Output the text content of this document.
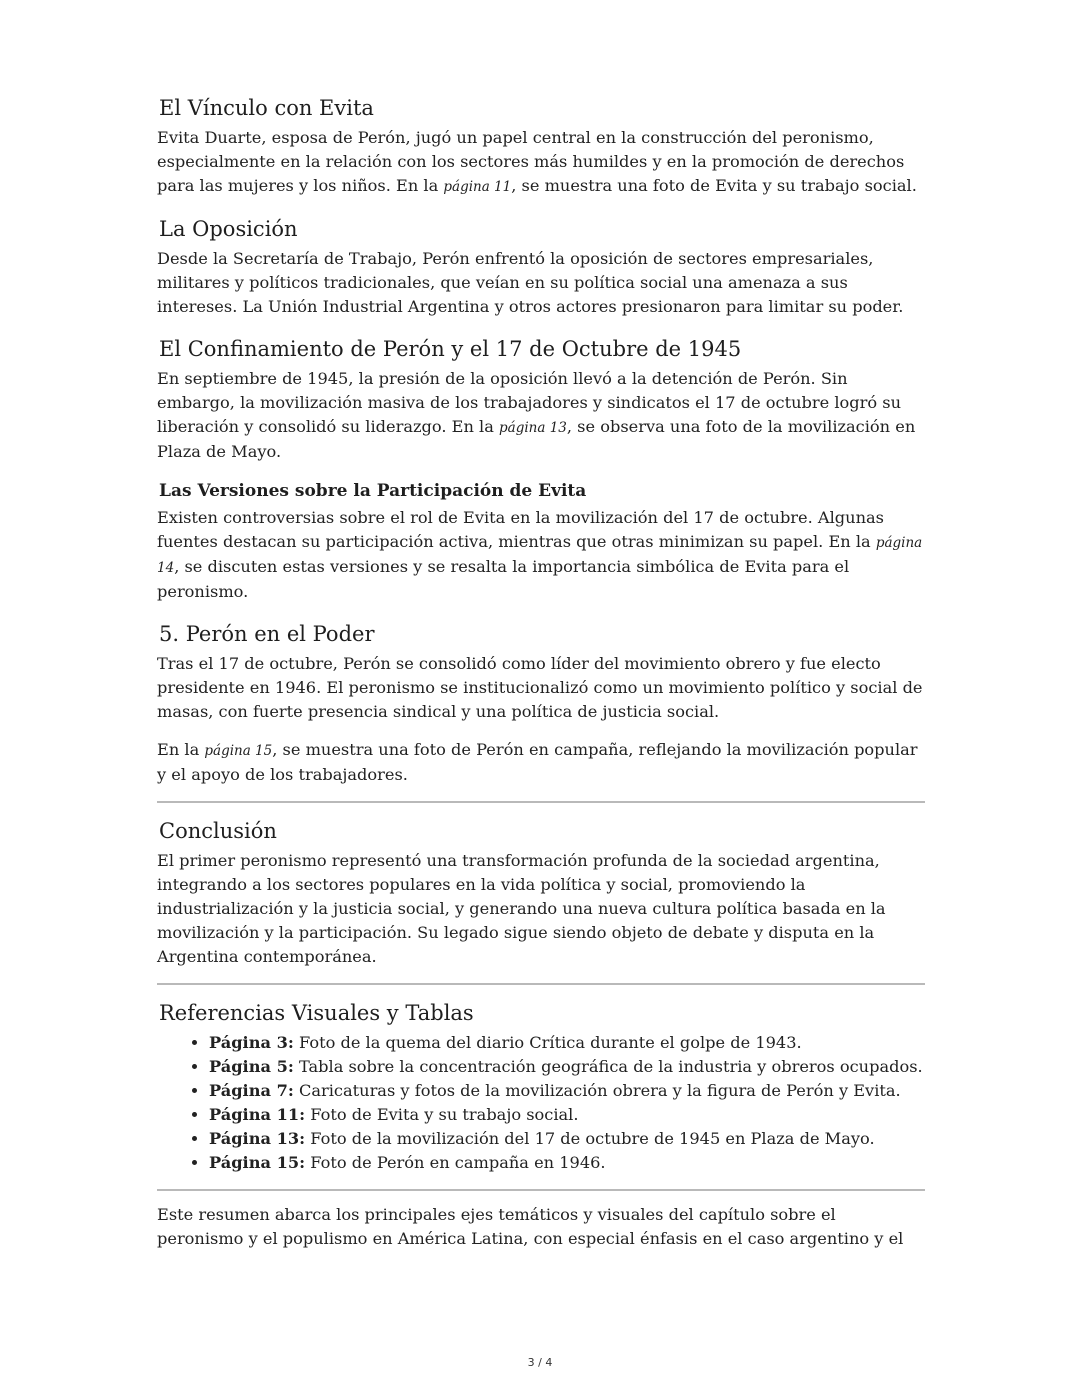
El Vínculo con Evita

Evita Duarte, esposa de Perón, jugó un papel central en la construcción del peronismo, especialmente en la relación con los sectores más humildes y en la promoción de derechos para las mujeres y los niños. En la página 11, se muestra una foto de Evita y su trabajo social.

La Oposición

Desde la Secretaría de Trabajo, Perón enfrentó la oposición de sectores empresariales, militares y políticos tradicionales, que veían en su política social una amenaza a sus intereses. La Unión Industrial Argentina y otros actores presionaron para limitar su poder.

El Confinamiento de Perón y el 17 de Octubre de 1945

En septiembre de 1945, la presión de la oposición llevó a la detención de Perón. Sin embargo, la movilización masiva de los trabajadores y sindicatos el 17 de octubre logró su liberación y consolidó su liderazgo. En la página 13, se observa una foto de la movilización en Plaza de Mayo.

Las Versiones sobre la Participación de Evita

Existen controversias sobre el rol de Evita en la movilización del 17 de octubre. Algunas fuentes destacan su participación activa, mientras que otras minimizan su papel. En la página 14, se discuten estas versiones y se resalta la importancia simbólica de Evita para el peronismo.

5. Perón en el Poder

Tras el 17 de octubre, Perón se consolidó como líder del movimiento obrero y fue electo presidente en 1946. El peronismo se institucionalizó como un movimiento político y social de masas, con fuerte presencia sindical y una política de justicia social.

En la página 15, se muestra una foto de Perón en campaña, reflejando la movilización popular y el apoyo de los trabajadores.

Conclusión

El primer peronismo representó una transformación profunda de la sociedad argentina, integrando a los sectores populares en la vida política y social, promoviendo la industrialización y la justicia social, y generando una nueva cultura política basada en la movilización y la participación. Su legado sigue siendo objeto de debate y disputa en la Argentina contemporánea.

Referencias Visuales y Tablas
• Página 3: Foto de la quema del diario Crítica durante el golpe de 1943.
• Página 5: Tabla sobre la concentración geográfica de la industria y obreros ocupados.
• Página 7: Caricaturas y fotos de la movilización obrera y la figura de Perón y Evita.
• Página 11: Foto de Evita y su trabajo social.
• Página 13: Foto de la movilización del 17 de octubre de 1945 en Plaza de Mayo.
• Página 15: Foto de Perón en campaña en 1946.

Este resumen abarca los principales ejes temáticos y visuales del capítulo sobre el peronismo y el populismo en América Latina, con especial énfasis en el caso argentino y el

3 / 4
